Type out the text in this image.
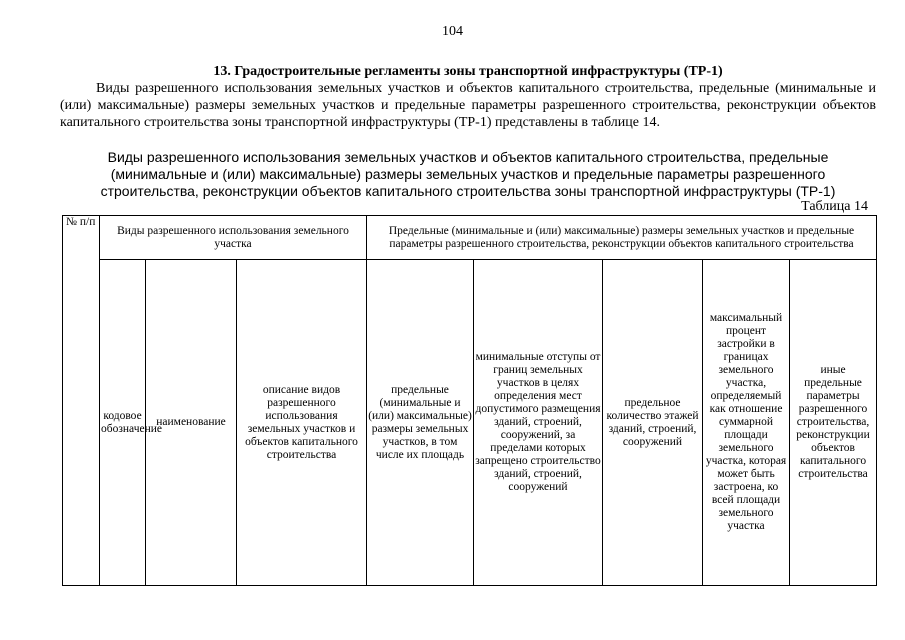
104
13. Градостроительные регламенты зоны транспортной инфраструктуры (ТР-1)
Виды разрешенного использования земельных участков и объектов капитального строительства, предельные (минимальные и (или) максимальные) размеры земельных участков и предельные параметры разрешенного строительства, реконструкции объектов капитального строительства зоны транспортной инфраструктуры (ТР-1) представлены в таблице 14.
Виды разрешенного использования земельных участков и объектов капитального строительства, предельные (минимальные и (или) максимальные) размеры земельных участков и предельные параметры разрешенного строительства, реконструкции объектов капитального строительства зоны транспортной инфраструктуры (ТР-1)
Таблица 14
№ п/п	Виды разрешенного использования земельного участка			Предельные (минимальные и (или) максимальные) размеры земельных участков и предельные параметры разрешенного строительства, реконструкции объектов капитального строительства				
	кодовое обозначение	наименование	описание видов разрешенного использования земельных участков и объектов капитального строительства	предельные (минимальные и (или) максимальные) размеры земельных участков, в том числе их площадь	минимальные отступы от границ земельных участков в целях определения мест допустимого размещения зданий, строений, сооружений, за пределами которых запрещено строительство зданий, строений, сооружений	предельное количество этажей зданий, строений, сооружений	максимальный процент застройки в границах земельного участка, определяемый как отношение суммарной площади земельного участка, которая может быть застроена, ко всей площади земельного участка	иные предельные параметры разрешенного строительства, реконструкции объектов капитального строительства
